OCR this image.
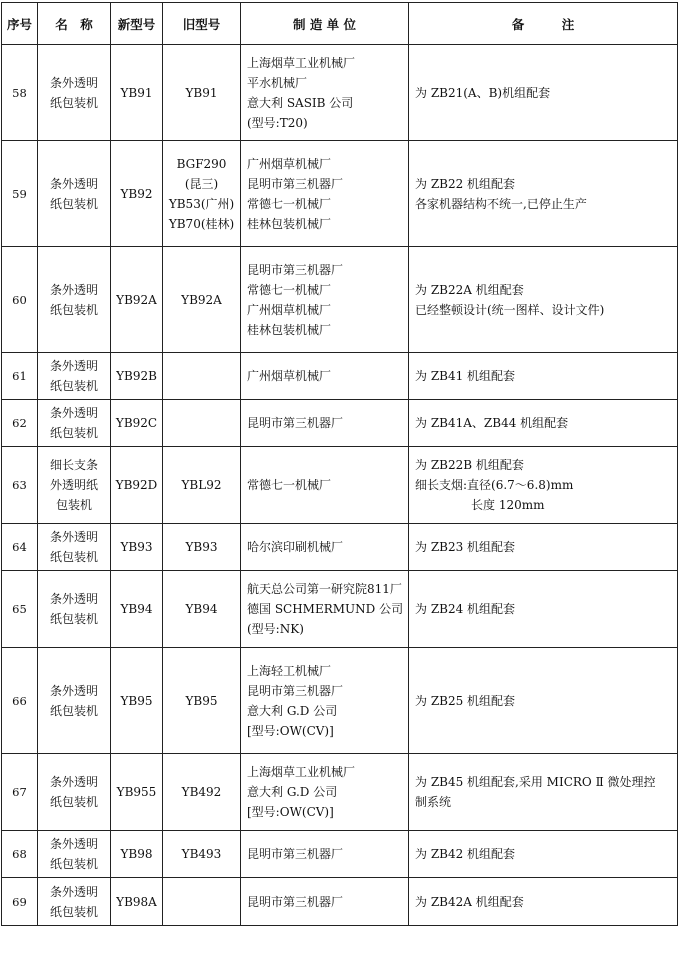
序号	名　称	新型号	旧型号	制 造 单 位	备　　　注
58	条外透明
纸包装机	YB91	YB91	上海烟草工业机械厂
平水机械厂
意大利 SASIB 公司
(型号:T20)	为 ZB21(A、B)机组配套

59	条外透明
纸包装机	YB92	BGF290
(昆三)
YB53(广州)
YB70(桂林)	广州烟草机械厂
昆明市第三机器厂
常德七一机械厂
桂林包装机械厂	为 ZB22 机组配套
各家机器结构不统一,已停止生产

60	条外透明
纸包装机	YB92A	YB92A	昆明市第三机器厂
常德七一机械厂
广州烟草机械厂
桂林包装机械厂	为 ZB22A 机组配套
已经整顿设计(统一图样、设计文件)

61	条外透明
纸包装机	YB92B		广州烟草机械厂	为 ZB41 机组配套

62	条外透明
纸包装机	YB92C		昆明市第三机器厂	为 ZB41A、ZB44 机组配套

63	细长支条
外透明纸
包装机	YB92D	YBL92	常德七一机械厂	为 ZB22B 机组配套
细长支烟:直径(6.7～6.8)mm
长度 120mm

64	条外透明
纸包装机	YB93	YB93	哈尔滨印刷机械厂	为 ZB23 机组配套

65	条外透明
纸包装机	YB94	YB94	航天总公司第一研究院811厂
德国 SCHMERMUND 公司
(型号:NK)	为 ZB24 机组配套

66	条外透明
纸包装机	YB95	YB95	上海轻工机械厂
昆明市第三机器厂
意大利 G.D 公司
[型号:OW(CV)]	为 ZB25 机组配套

67	条外透明
纸包装机	YB955	YB492	上海烟草工业机械厂
意大利 G.D 公司
[型号:OW(CV)]	为 ZB45 机组配套,采用 MICRO Ⅱ 微处理控
制系统

68	条外透明
纸包装机	YB98	YB493	昆明市第三机器厂	为 ZB42 机组配套

69	条外透明
纸包装机	YB98A		昆明市第三机器厂	为 ZB42A 机组配套
